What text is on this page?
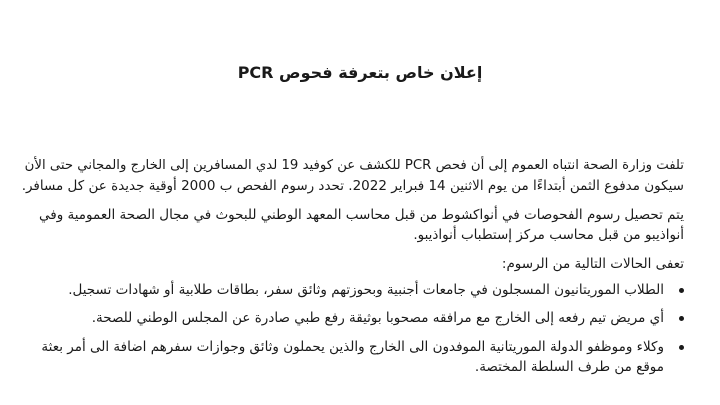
إعلان خاص بتعرفة فحوص PCR
تلفت وزارة الصحة انتباه العموم إلى أن فحص PCR للكشف عن كوفيد 19 لدي المسافرين إلى الخارج والمجاني حتى الأن
سيكون مدفوع الثمن أبتداءًا من يوم الاثنين 14 فبراير 2022. تحدد رسوم الفحص ب 2000 أوقية جديدة عن كل مسافر.
يتم تحصيل رسوم الفحوصات في أنواكشوط من قبل محاسب المعهد الوطني للبحوث في مجال الصحة العمومية وفي
أنواذيبو من قبل محاسب مركز إستطباب أنواذيبو.
تعفى الحالات التالية من الرسوم:
الطلاب الموريتانيون المسجلون في جامعات أجنبية وبحوزتهم وثائق سفر، بطاقات طلابية أو شهادات تسجيل.
أي مريض تيم رفعه إلى الخارج مع مرافقه مصحوبا بوثيقة رفع طبي صادرة عن المجلس الوطني للصحة.
وكلاء وموظفو الدولة الموريتانية الموفدون الى الخارج والذين يحملون وثائق وجوازات سفرهم اضافة الى أمر بعثة
موقع من طرف السلطة المختصة.
